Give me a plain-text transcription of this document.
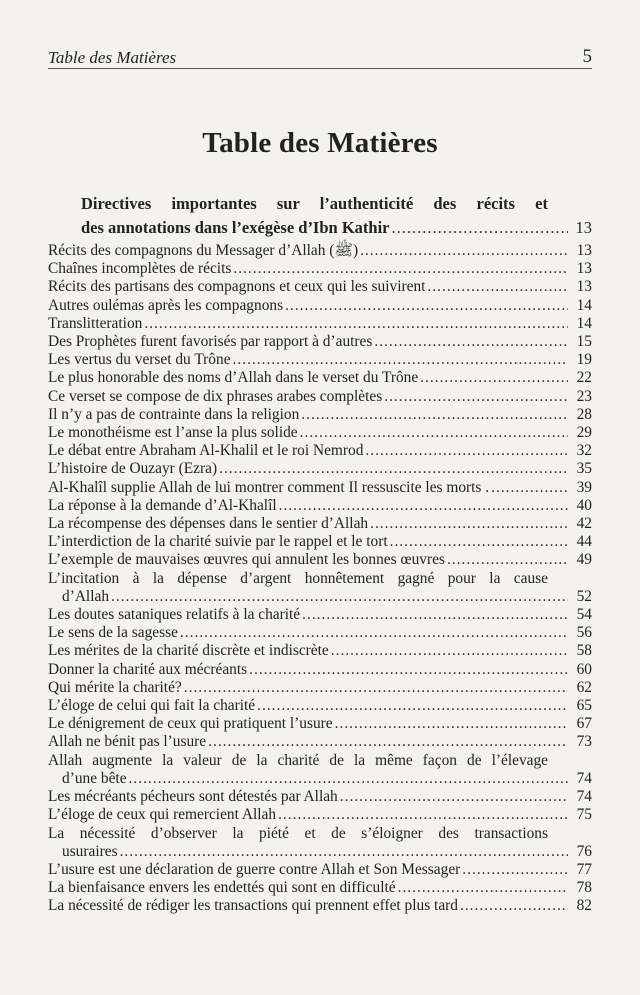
Table des Matières	5
Table des Matières
Directives importantes sur l’authenticité des récits et
des annotations dans l’exégèse d’Ibn Kathir .....	13
Récits des compagnons du Messager d’Allah (ﷺ) .....	13
Chaînes incomplètes de récits .....	13
Récits des partisans des compagnons et ceux qui les suivirent .....	13
Autres oulémas après les compagnons .....	14
Translitteration .....	14
Des Prophètes furent favorisés par rapport à d’autres .....	15
Les vertus du verset du Trône .....	19
Le plus honorable des noms d’Allah dans le verset du Trône .....	22
Ce verset se compose de dix phrases arabes complètes .....	23
Il n’y a pas de contrainte dans la religion .....	28
Le monothéisme est l’anse la plus solide .....	29
Le débat entre Abraham Al-Khalil et le roi Nemrod .....	32
L’histoire de Ouzayr (Ezra) .....	35
Al-Khalîl supplie Allah de lui montrer comment Il ressuscite les morts . .....	39
La réponse à la demande d’Al-Khalîl .....	40
La récompense des dépenses dans le sentier d’Allah .....	42
L’interdiction de la charité suivie par le rappel et le tort .....	44
L’exemple de mauvaises œuvres qui annulent les bonnes œuvres .....	49
L’incitation à la dépense d’argent honnêtement gagné pour la cause
d’Allah .....	52
Les doutes sataniques relatifs à la charité .....	54
Le sens de la sagesse .....	56
Les mérites de la charité discrète et indiscrète .....	58
Donner la charité aux mécréants .....	60
Qui mérite la charité? .....	62
L’éloge de celui qui fait la charité .....	65
Le dénigrement de ceux qui pratiquent l’usure .....	67
Allah ne bénit pas l’usure .....	73
Allah augmente la valeur de la charité de la même façon de l’élevage
d’une bête .....	74
Les mécréants pécheurs sont détestés par Allah .....	74
L’éloge de ceux qui remercient Allah .....	75
La nécessité d’observer la piété et de s’éloigner des transactions
usuraires .....	76
L’usure est une déclaration de guerre contre Allah et Son Messager .....	77
La bienfaisance envers les endettés qui sont en difficulté .....	78
La nécessité de rédiger les transactions qui prennent effet plus tard .....	82
